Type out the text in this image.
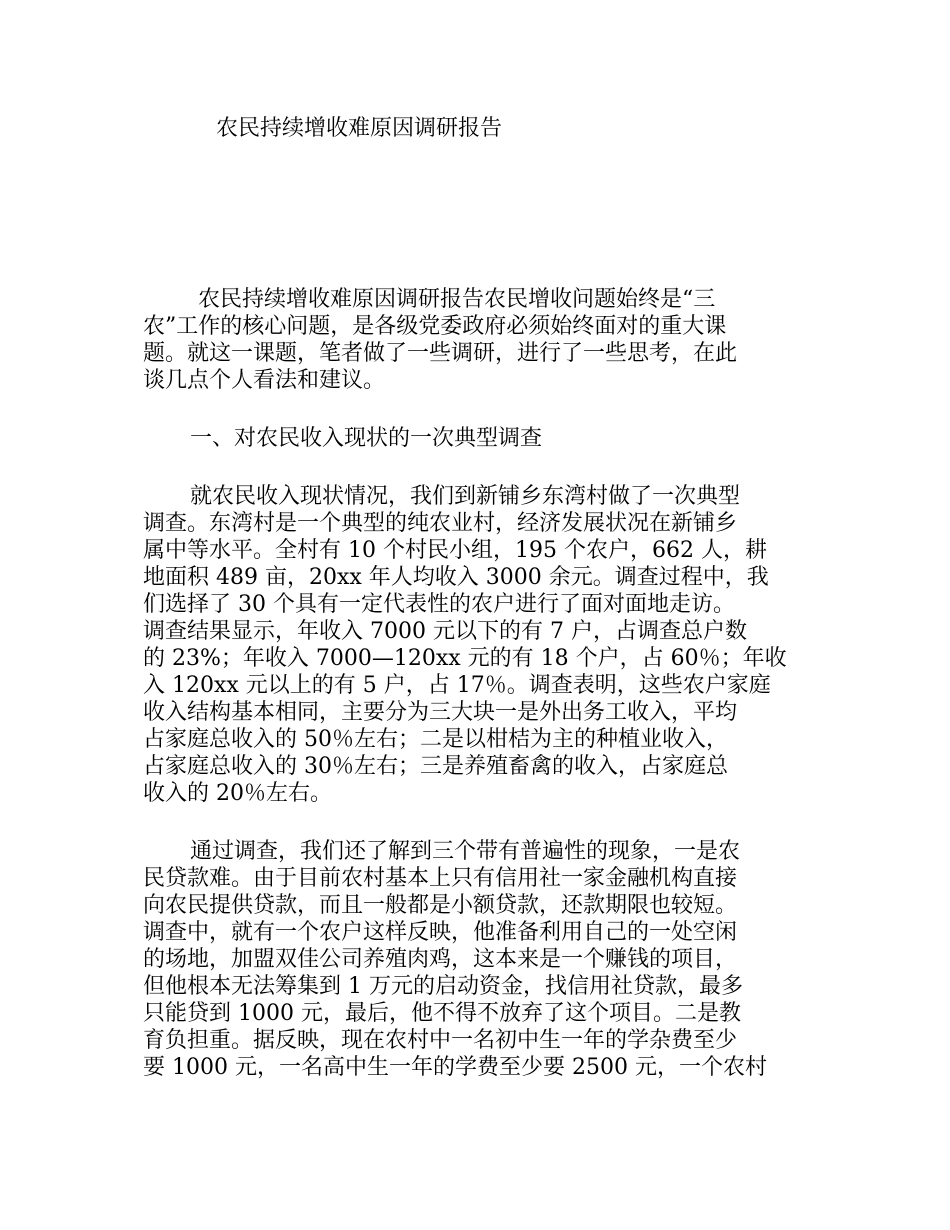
农民持续增收难原因调研报告
农民持续增收难原因调研报告农民增收问题始终是“三
农”工作的核心问题，是各级党委政府必须始终面对的重大课
题。就这一课题，笔者做了一些调研，进行了一些思考，在此
谈几点个人看法和建议。
一、对农民收入现状的一次典型调查
就农民收入现状情况，我们到新铺乡东湾村做了一次典型
调查。东湾村是一个典型的纯农业村，经济发展状况在新铺乡
属中等水平。全村有 10 个村民小组，195 个农户，662 人，耕
地面积 489 亩，20xx 年人均收入 3000 余元。调查过程中，我
们选择了 30 个具有一定代表性的农户进行了面对面地走访。
调查结果显示，年收入 7000 元以下的有 7 户，占调查总户数
的 23%；年收入 7000—120xx 元的有 18 个户，占 60％；年收
入 120xx 元以上的有 5 户，占 17％。调查表明，这些农户家庭
收入结构基本相同，主要分为三大块一是外出务工收入，平均
占家庭总收入的 50％左右；二是以柑桔为主的种植业收入，
占家庭总收入的 30％左右；三是养殖畜禽的收入，占家庭总
收入的 20％左右。
通过调查，我们还了解到三个带有普遍性的现象，一是农
民贷款难。由于目前农村基本上只有信用社一家金融机构直接
向农民提供贷款，而且一般都是小额贷款，还款期限也较短。
调查中，就有一个农户这样反映，他准备利用自己的一处空闲
的场地，加盟双佳公司养殖肉鸡，这本来是一个赚钱的项目，
但他根本无法筹集到 1 万元的启动资金，找信用社贷款，最多
只能贷到 1000 元，最后，他不得不放弃了这个项目。二是教
育负担重。据反映，现在农村中一名初中生一年的学杂费至少
要 1000 元，一名高中生一年的学费至少要 2500 元，一个农村
